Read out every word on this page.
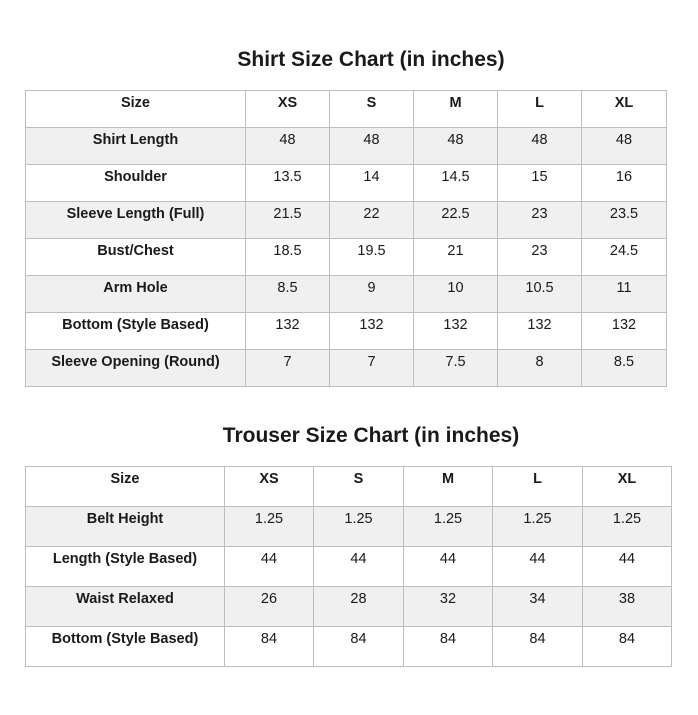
Shirt Size Chart (in inches)
Size	XS	S	M	L	XL
Shirt Length	48	48	48	48	48
Shoulder	13.5	14	14.5	15	16
Sleeve Length (Full)	21.5	22	22.5	23	23.5
Bust/Chest	18.5	19.5	21	23	24.5
Arm Hole	8.5	9	10	10.5	11
Bottom (Style Based)	132	132	132	132	132
Sleeve Opening (Round)	7	7	7.5	8	8.5
Trouser Size Chart (in inches)
Size	XS	S	M	L	XL
Belt Height	1.25	1.25	1.25	1.25	1.25
Length (Style Based)	44	44	44	44	44
Waist Relaxed	26	28	32	34	38
Bottom (Style Based)	84	84	84	84	84
